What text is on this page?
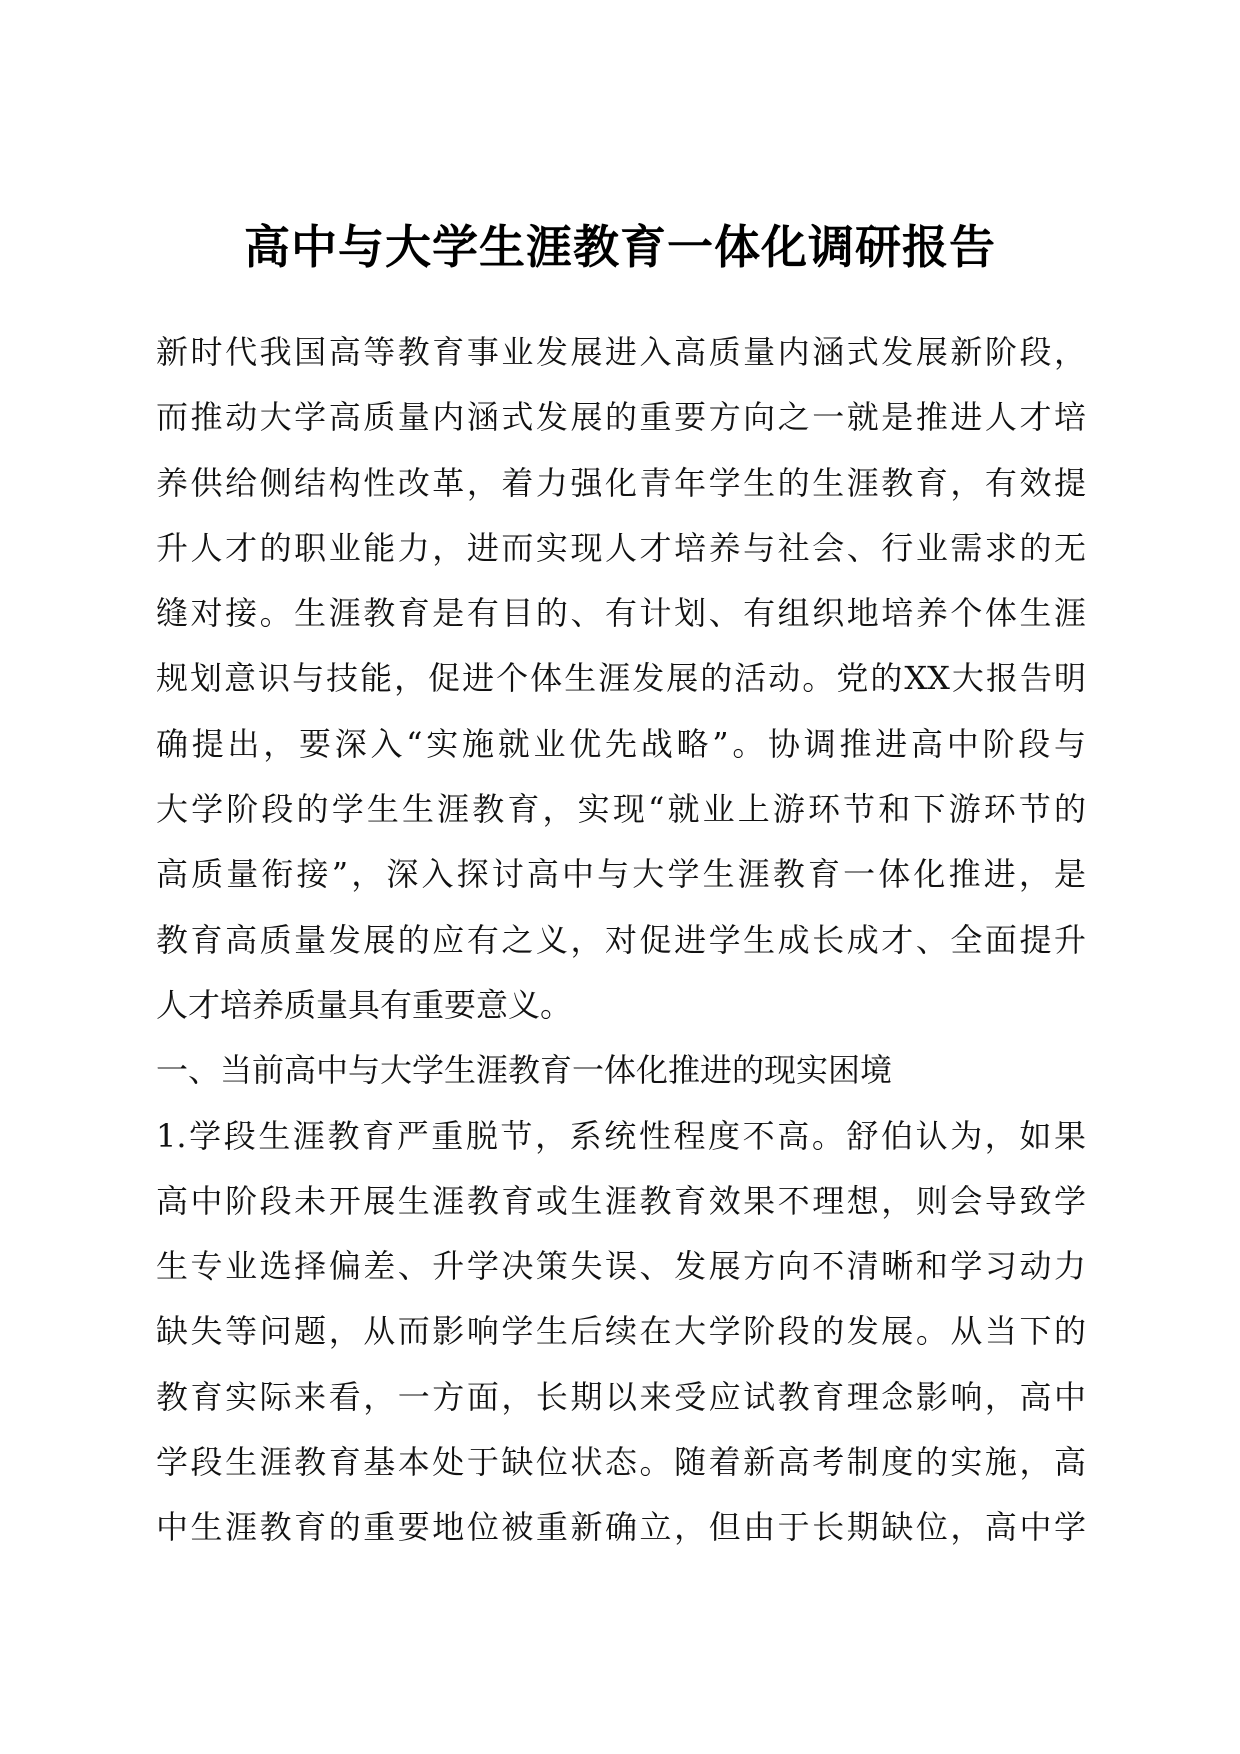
高中与大学生涯教育一体化调研报告
新时代我国高等教育事业发展进入高质量内涵式发展新阶段，
而推动大学高质量内涵式发展的重要方向之一就是推进人才培
养供给侧结构性改革，着力强化青年学生的生涯教育，有效提
升人才的职业能力，进而实现人才培养与社会、行业需求的无
缝对接。生涯教育是有目的、有计划、有组织地培养个体生涯
规划意识与技能，促进个体生涯发展的活动。党的XX大报告明
确提出，要深入“实施就业优先战略”。协调推进高中阶段与
大学阶段的学生生涯教育，实现“就业上游环节和下游环节的
高质量衔接”，深入探讨高中与大学生涯教育一体化推进，是
教育高质量发展的应有之义，对促进学生成长成才、全面提升
人才培养质量具有重要意义。
一、当前高中与大学生涯教育一体化推进的现实困境
1.学段生涯教育严重脱节，系统性程度不高。舒伯认为，如果
高中阶段未开展生涯教育或生涯教育效果不理想，则会导致学
生专业选择偏差、升学决策失误、发展方向不清晰和学习动力
缺失等问题，从而影响学生后续在大学阶段的发展。从当下的
教育实际来看，一方面，长期以来受应试教育理念影响，高中
学段生涯教育基本处于缺位状态。随着新高考制度的实施，高
中生涯教育的重要地位被重新确立，但由于长期缺位，高中学
